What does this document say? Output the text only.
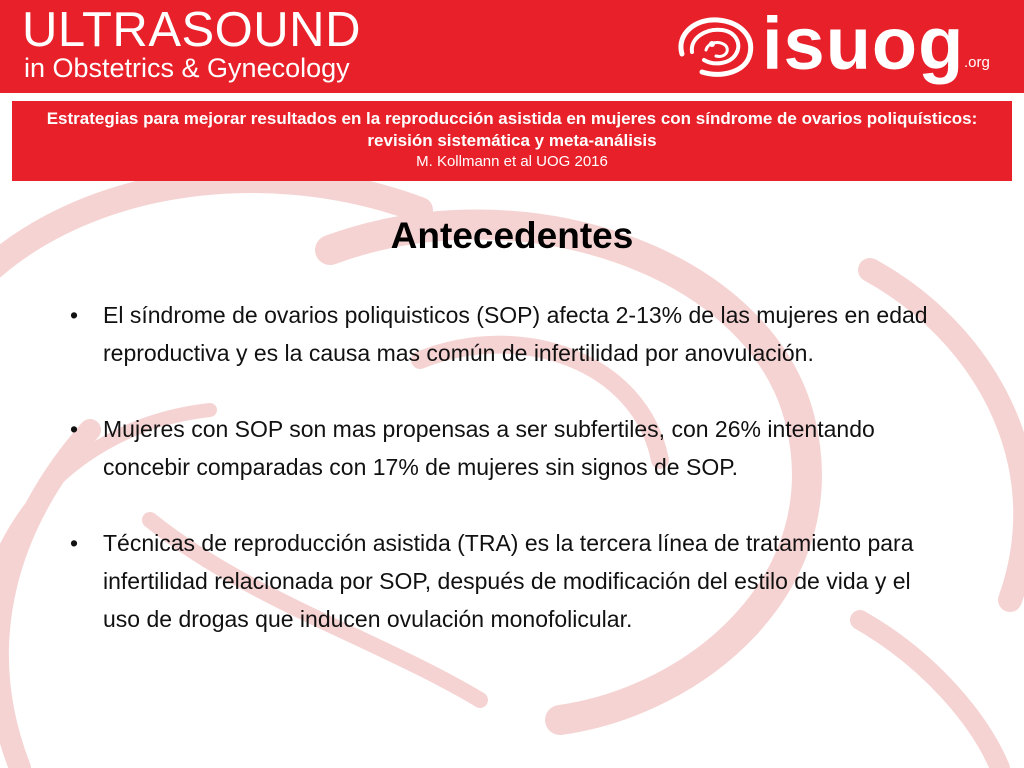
ULTRASOUND
in Obstetrics & Gynecology	isuog .org
Estrategias para mejorar resultados en la reproducción asistida en mujeres con síndrome de ovarios poliquísticos: revisión sistemática y meta-análisis
M. Kollmann et al UOG 2016
Antecedentes
• El síndrome de ovarios poliquisticos (SOP) afecta 2-13% de las mujeres en edad reproductiva y es la causa mas común de infertilidad por anovulación.
• Mujeres con SOP son mas propensas a ser subfertiles, con 26% intentando concebir comparadas con 17% de mujeres sin signos de SOP.
• Técnicas de reproducción asistida (TRA) es la tercera línea de tratamiento para infertilidad relacionada por SOP, después de modificación del estilo de vida y el uso de drogas que inducen ovulación monofolicular.
